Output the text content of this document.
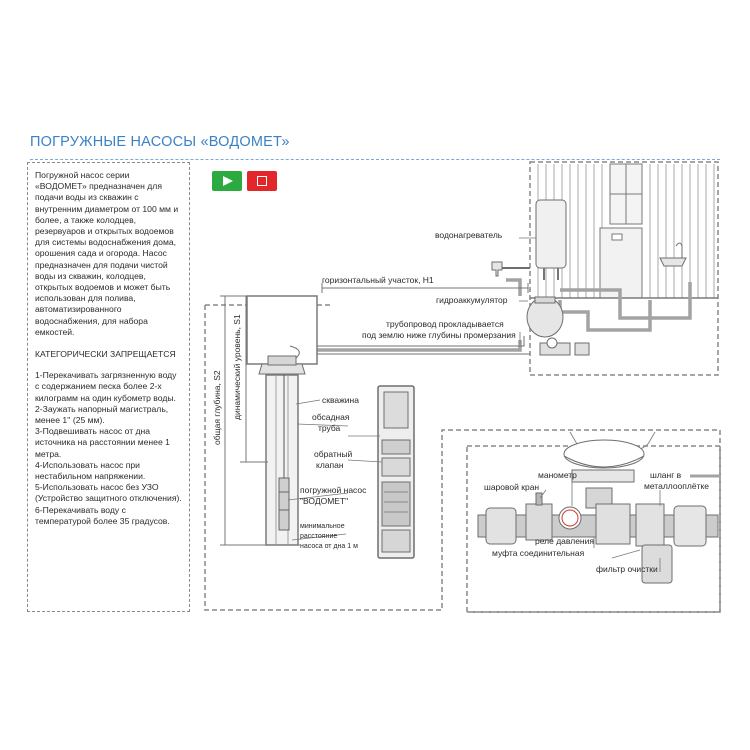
ПОГРУЖНЫЕ НАСОСЫ «ВОДОМЕТ»

Погружной насос серии «ВОДОМЕТ» предназначен для подачи воды из скважин с внутренним диаметром от 100 мм и более, а также колодцев, резервуаров и открытых водоемов для системы водоснабжения дома, орошения сада и огорода. Насос предназначен для подачи чистой воды из скважин, колодцев, открытых водоемов и может быть использован для полива, автоматизированного водоснабжения, для набора емкостей.

КАТЕГОРИЧЕСКИ ЗАПРЕЩАЕТСЯ

1-Перекачивать загрязненную воду с содержанием песка более 2-х килограмм на один кубометр воды.
2-Заужать напорный магистраль, менее 1'' (25 мм).
3-Подвешивать насос от дна источника на расстоянии менее 1 метра.
4-Использовать насос при нестабильном напряжении.
5-Использовать насос без УЗО (Устройство защитного отключения).
6-Перекачивать воду с температурой более 35 градусов.
водонагреватель
горизонтальный участок, H1
гидроаккумулятор
трубопровод прокладывается
под землю ниже глубины промерзания
общая глубина, S2 динамический уровень, S1	скважина
обсадная
труба
обратный
клапан
погружной насос
"ВОДОМЕТ"
минимальное
расстояние
насоса от дна 1 м
манометр
шаровой кран
шланг в
металлооплётке
реле давления
муфта соединительная
фильтр очистки
